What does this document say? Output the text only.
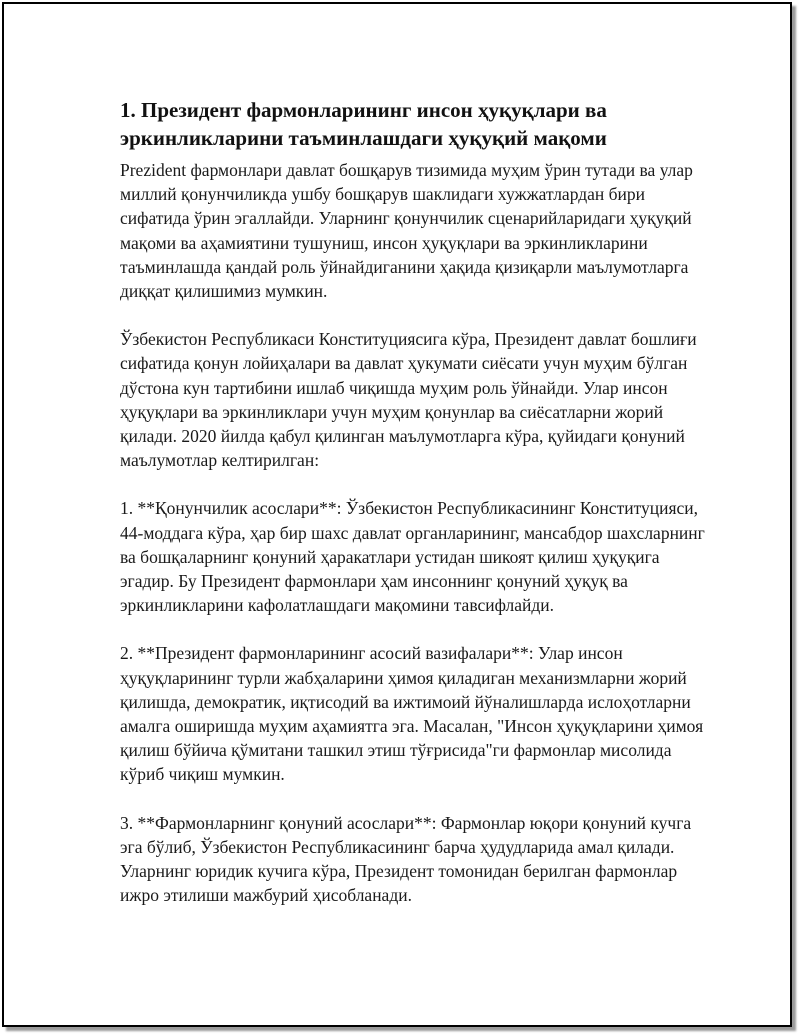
1. Президент фармонларининг инсон ҳуқуқлари ва эркинликларини таъминлашдаги ҳуқуқий мақоми

Prezident фармонлари давлат бошқарув тизимида муҳим ўрин тутади ва улар миллий қонунчиликда ушбу бошқарув шаклидаги хужжатлардан бири сифатида ўрин эгаллайди. Уларнинг қонунчилик сценарийларидаги ҳуқуқий мақоми ва аҳамиятини тушуниш, инсон ҳуқуқлари ва эркинликларини таъминлашда қандай роль ўйнайдиганини ҳақида қизиқарли маълумотларга диққат қилишимиз мумкин.

Ўзбекистон Республикаси Конституциясига кўра, Президент давлат бошлиғи сифатида қонун лойиҳалари ва давлат ҳукумати сиёсати учун муҳим бўлган дўстона кун тартибини ишлаб чиқишда муҳим роль ўйнайди. Улар инсон ҳуқуқлари ва эркинликлари учун муҳим қонунлар ва сиёсатларни жорий қилади. 2020 йилда қабул қилинган маълумотларга кўра, қуйидаги қонуний маълумотлар келтирилган:

1. **Қонунчилик асослари**: Ўзбекистон Республикасининг Конституцияси, 44-моддага кўра, ҳар бир шахс давлат органларининг, мансабдор шахсларнинг ва бошқаларнинг қонуний ҳаракатлари устидан шикоят қилиш ҳуқуқига эгадир. Бу Президент фармонлари ҳам инсоннинг қонуний ҳуқуқ ва эркинликларини кафолатлашдаги мақомини тавсифлайди.

2. **Президент фармонларининг асосий вазифалари**: Улар инсон ҳуқуқларининг турли жабҳаларини ҳимоя қиладиган механизмларни жорий қилишда, демократик, иқтисодий ва ижтимоий йўналишларда ислоҳотларни амалга оширишда муҳим аҳамиятга эга. Масалан, "Инсон ҳуқуқларини ҳимоя қилиш бўйича қўмитани ташкил этиш тўғрисида"ги фармонлар мисолида кўриб чиқиш мумкин.

3. **Фармонларнинг қонуний асослари**: Фармонлар юқори қонуний кучга эга бўлиб, Ўзбекистон Республикасининг барча ҳудудларида амал қилади. Уларнинг юридик кучига кўра, Президент томонидан берилган фармонлар ижро этилиши мажбурий ҳисобланади.
